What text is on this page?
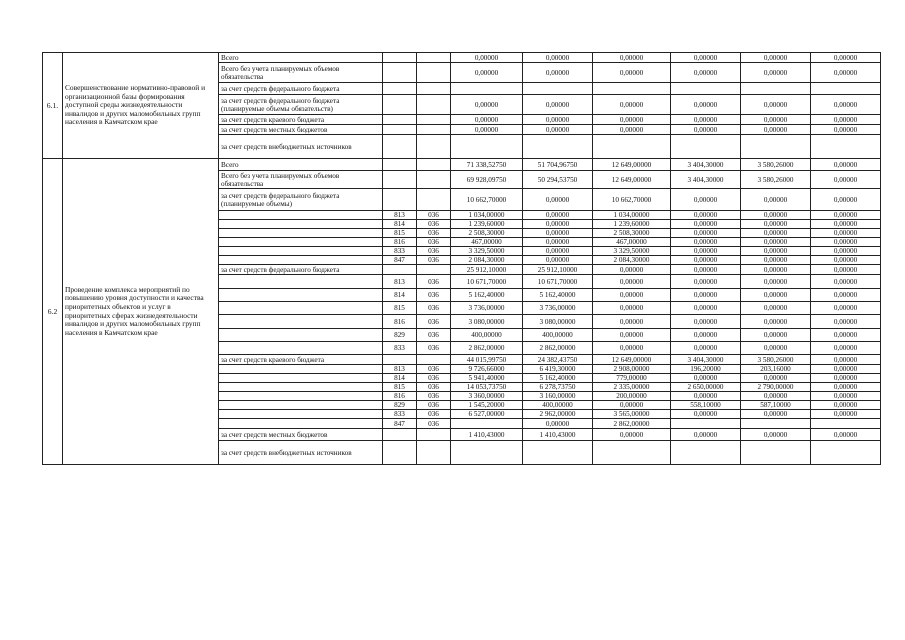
6.1.	Совершенствование нормативно-правовой и организационной базы формирования доступной среды жизнедеятельности инвалидов и других маломобильных групп населения в Камчатском крае	Всего			0,00000	0,00000	0,00000	0,00000	0,00000	0,00000
		Всего без учета планируемых объемов обязательства			0,00000	0,00000	0,00000	0,00000	0,00000	0,00000
		за счет средств федерального бюджета								
		за счет средств федерального бюджета (планируемые объемы обязательств)			0,00000	0,00000	0,00000	0,00000	0,00000	0,00000
		за счет средств краевого бюджета			0,00000	0,00000	0,00000	0,00000	0,00000	0,00000
		за счет средств местных бюджетов			0,00000	0,00000	0,00000	0,00000	0,00000	0,00000
		за счет средств внебюджетных источников								
6.2	Проведение комплекса мероприятий по повышению уровня доступности и качества приоритетных объектов и услуг в приоритетных сферах жизнедеятельности инвалидов и других маломобильных групп населения в Камчатском крае	Всего			71 338,52750	51 704,96750	12 649,00000	3 404,30000	3 580,26000	0,00000
		Всего без учета планируемых объемов обязательства			69 928,09750	50 294,53750	12 649,00000	3 404,30000	3 580,26000	0,00000
		за счет средств федерального бюджета (планируемые объемы)			10 662,70000	0,00000	10 662,70000	0,00000	0,00000	0,00000
			813	036	1 034,00000	0,00000	1 034,00000	0,00000	0,00000	0,00000
			814	036	1 239,60000	0,00000	1 239,60000	0,00000	0,00000	0,00000
			815	036	2 508,30000	0,00000	2 508,30000	0,00000	0,00000	0,00000
			816	036	467,00000	0,00000	467,00000	0,00000	0,00000	0,00000
			833	036	3 329,50000	0,00000	3 329,50000	0,00000	0,00000	0,00000
			847	036	2 084,30000	0,00000	2 084,30000	0,00000	0,00000	0,00000
		за счет средств федерального бюджета			25 912,10000	25 912,10000	0,00000	0,00000	0,00000	0,00000
			813	036	10 671,70000	10 671,70000	0,00000	0,00000	0,00000	0,00000
			814	036	5 162,40000	5 162,40000	0,00000	0,00000	0,00000	0,00000
			815	036	3 736,00000	3 736,00000	0,00000	0,00000	0,00000	0,00000
			816	036	3 080,00000	3 080,00000	0,00000	0,00000	0,00000	0,00000
			829	036	400,00000	400,00000	0,00000	0,00000	0,00000	0,00000
			833	036	2 862,00000	2 862,00000	0,00000	0,00000	0,00000	0,00000
		за счет средств краевого бюджета			44 015,99750	24 382,43750	12 649,00000	3 404,30000	3 580,26000	0,00000
			813	036	9 726,66000	6 419,30000	2 908,00000	196,20000	203,16000	0,00000
			814	036	5 941,40000	5 162,40000	779,00000	0,00000	0,00000	0,00000
			815	036	14 053,73750	6 278,73750	2 335,00000	2 650,00000	2 790,00000	0,00000
			816	036	3 360,00000	3 160,00000	200,00000	0,00000	0,00000	0,00000
			829	036	1 545,20000	400,00000	0,00000	558,10000	587,10000	0,00000
			833	036	6 527,00000	2 962,00000	3 565,00000	0,00000	0,00000	0,00000
			847	036		0,00000	2 862,00000			
		за счет средств местных бюджетов			1 410,43000	1 410,43000	0,00000	0,00000	0,00000	0,00000
		за счет средств внебюджетных источников								
